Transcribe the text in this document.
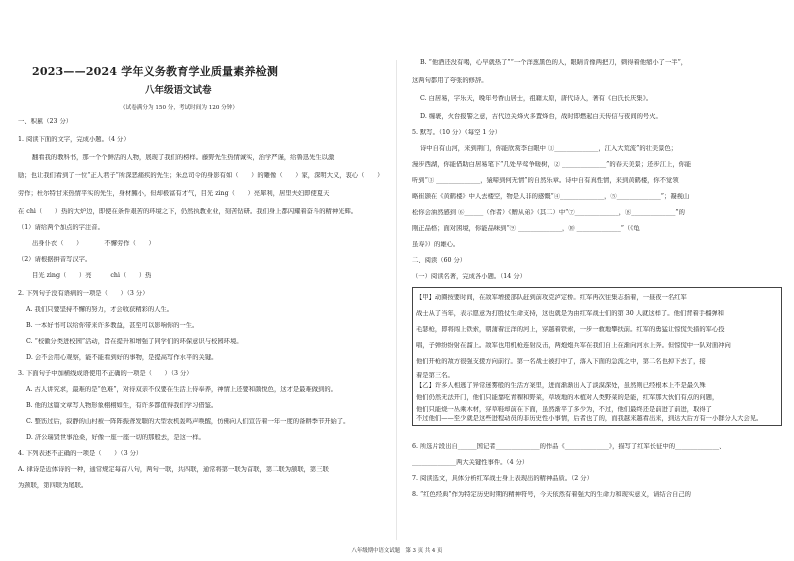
2023——2024 学年义务教育学业质量素养检测
八年级语文试卷
（试卷满分为 150 分，考试时间为 120 分钟）
一、积累（23 分）
1. 阅读下面的文字，完成小题。（4 分）
翻看我的教科书，那一个个鲜活的人物，展现了我们的榜样。藤野先生热情诚实，治学严谨，给鲁迅先生以激
励；也让我们看到了一位“正人君子”所深恶痛疾的先生；朱总司令的身影有如（　　）的雕像（　　）家，深明大义，衷心（　　）
劳作；杜尔特甘来热情平实的先生，身材臃小，但却极富有才气，目光 zìng（　　）亮犀利，居里夫妇即使夏天
在 chì（　　）热的大炉边，即使在条件艰苦的环境之下，仍然执教业业，刻苦钻研。我们身上都闪耀着奋斗的精神光辉。
（1）请给两个加点的字注音。
出身仆衣（　　）　　　　不懈劳作（　　）
（2）请根据拼音写汉字。
目光 zìng（　　）亮　　　chì（　　）热
2. 下列句子没有语病的一项是（　　）（3 分）
A. 我们只要坚持不懈的努力，才会收获精彩的人生。
B. 一本好书可以给你带来许多教益，甚至可以影响你的一生。
C. “校徽分类进校园”活动，旨在提升和增强了同学们的环保意识与校园环境。
D. 会不会用心观察，能不能看到好的事物，是提高写作水平的关键。
3. 下面句子中加横线成语使用不正确的一项是（　　）（3 分）
A. 古人讲究求，最难的是“色难”，对待双亲不仅要在生活上侍奉养，神情上还要和颜悦色，这才是最难做到的。
B. 他的这篇文章写人物形象栩栩如生，有许多都值得我们学习借鉴。
C. 整饬过后，寂静的山村被一阵阵振聋发聩的大型农机轰鸣声唤醒，仿佛向人们宣告着一年一度的备耕季节开始了。
D. 济公瑞贤世事沧桑，好像一座一座一切的那般去，是这一样。
4. 下列表述不正确的一项是（　　）（3 分）
A. 律诗是近体诗的一种，通常规定每首八句，两句一联，共四联，通常将第一联为首联，第二联为颔联，第三联
为颈联，第四联为尾联。
B. “他酒还没有喝，心早就热了”“一个洋葱黑色的人，眼睛肯像两把刀，刺得着他缩小了一半”，
这两句都用了夸张的修辞。
C. 白居易，字乐天，晚年号香山居士，祖籍太原，唐代诗人，著有《白氏长庆集》。
D. 缠裹，火台报警之意，古代边关烽火多置烽台，战时即燃起白天传信与夜间的号火。
5. 默写。（10 分）（每空 1 分）
诗中自有山河，来到荆门，你能欣赏李白眼中 ①______________，江入大荒流”的壮美景色；
漫步西湖，你能借助白居易笔下“几处早莺争暖树，② ______________”的春天美景；还步江上，你能
听到“③ ______________，猿啼到何无情”的自然乐章。诗中自有真性情，来到黄鹤楼，你不觉领
略崔颢在《黄鹤楼》中人去楼空，物是人非的感慨“④______________，⑤______________”；凝视山
松你会油然感到 ⑥______（作者）《赠从弟》（其二）中“⑦______________，⑧______________”的
刚正品格；面对困境，你能品味到“⑨ ______________，⑩ ______________”（《龟
虽寿》）的雄心。
二、阅读（60 分）
（一）阅读名著，完成各小题。（14 分）
【甲】动圈按要时间，在敌军增援部队赶到前攻克泸定桥。红军再次往集志指着，一昼夜一名红军
战士从了当年，表示愿意为打胜仗生命支持，这也就是为由红军战士们的第 30 人就这样了。他们背着手榴弹和
毛瑟枪，即将闯上铁索，朝蒲着汪洋的河上，穿越着铁索，一步一救地攀扶前。红军的勇猛让惊慌失措的军心投
唱，子弹纷纷射在溜上。敌军也用机枪连射反击，两炮炮兵军在我们自上在渐向河水上奔。但惊慌中一队对面冲向
他们开枪的敌方很强支援方向前行。第一名战士被打中了，落入下面的急流之中，第二名也掉下去了，接
着是第三名。
【乙】许多人相逃了异常迷雾般的生活方案里，进而渐渐出入了淡漠深处，虽然则已经根本上不是最久殊
他们仍然无法开门，他们只能靠吃青稞和野菜，草坡地的木植对人类野菜的是能，红军那大伙们有点的问题，
他们只能烧一丛乘木材，穿草鞋却前在下面，虽然渐平了多少为，不过，他们最终还是前进了前进，取得了
不过他们——至少就是这些进程动员的非历史性小事情，后者也了的，而我越来越看出来，到达大后方有一小群分人大会见。
6. 所选片段出自______国记者______________的作品《______________》，描写了红军长征中的______________、
______________两大关键性事件。（4 分）
7. 阅读选文，具体分析红军战士身上表现出的精神品质。（2 分）
8. “红色经典”作为特定历史时期的精神符号，今天依然有着强大的生命力和现实意义，请结合自己的
八年级期中语文试题　第 3 页 共 4 页
